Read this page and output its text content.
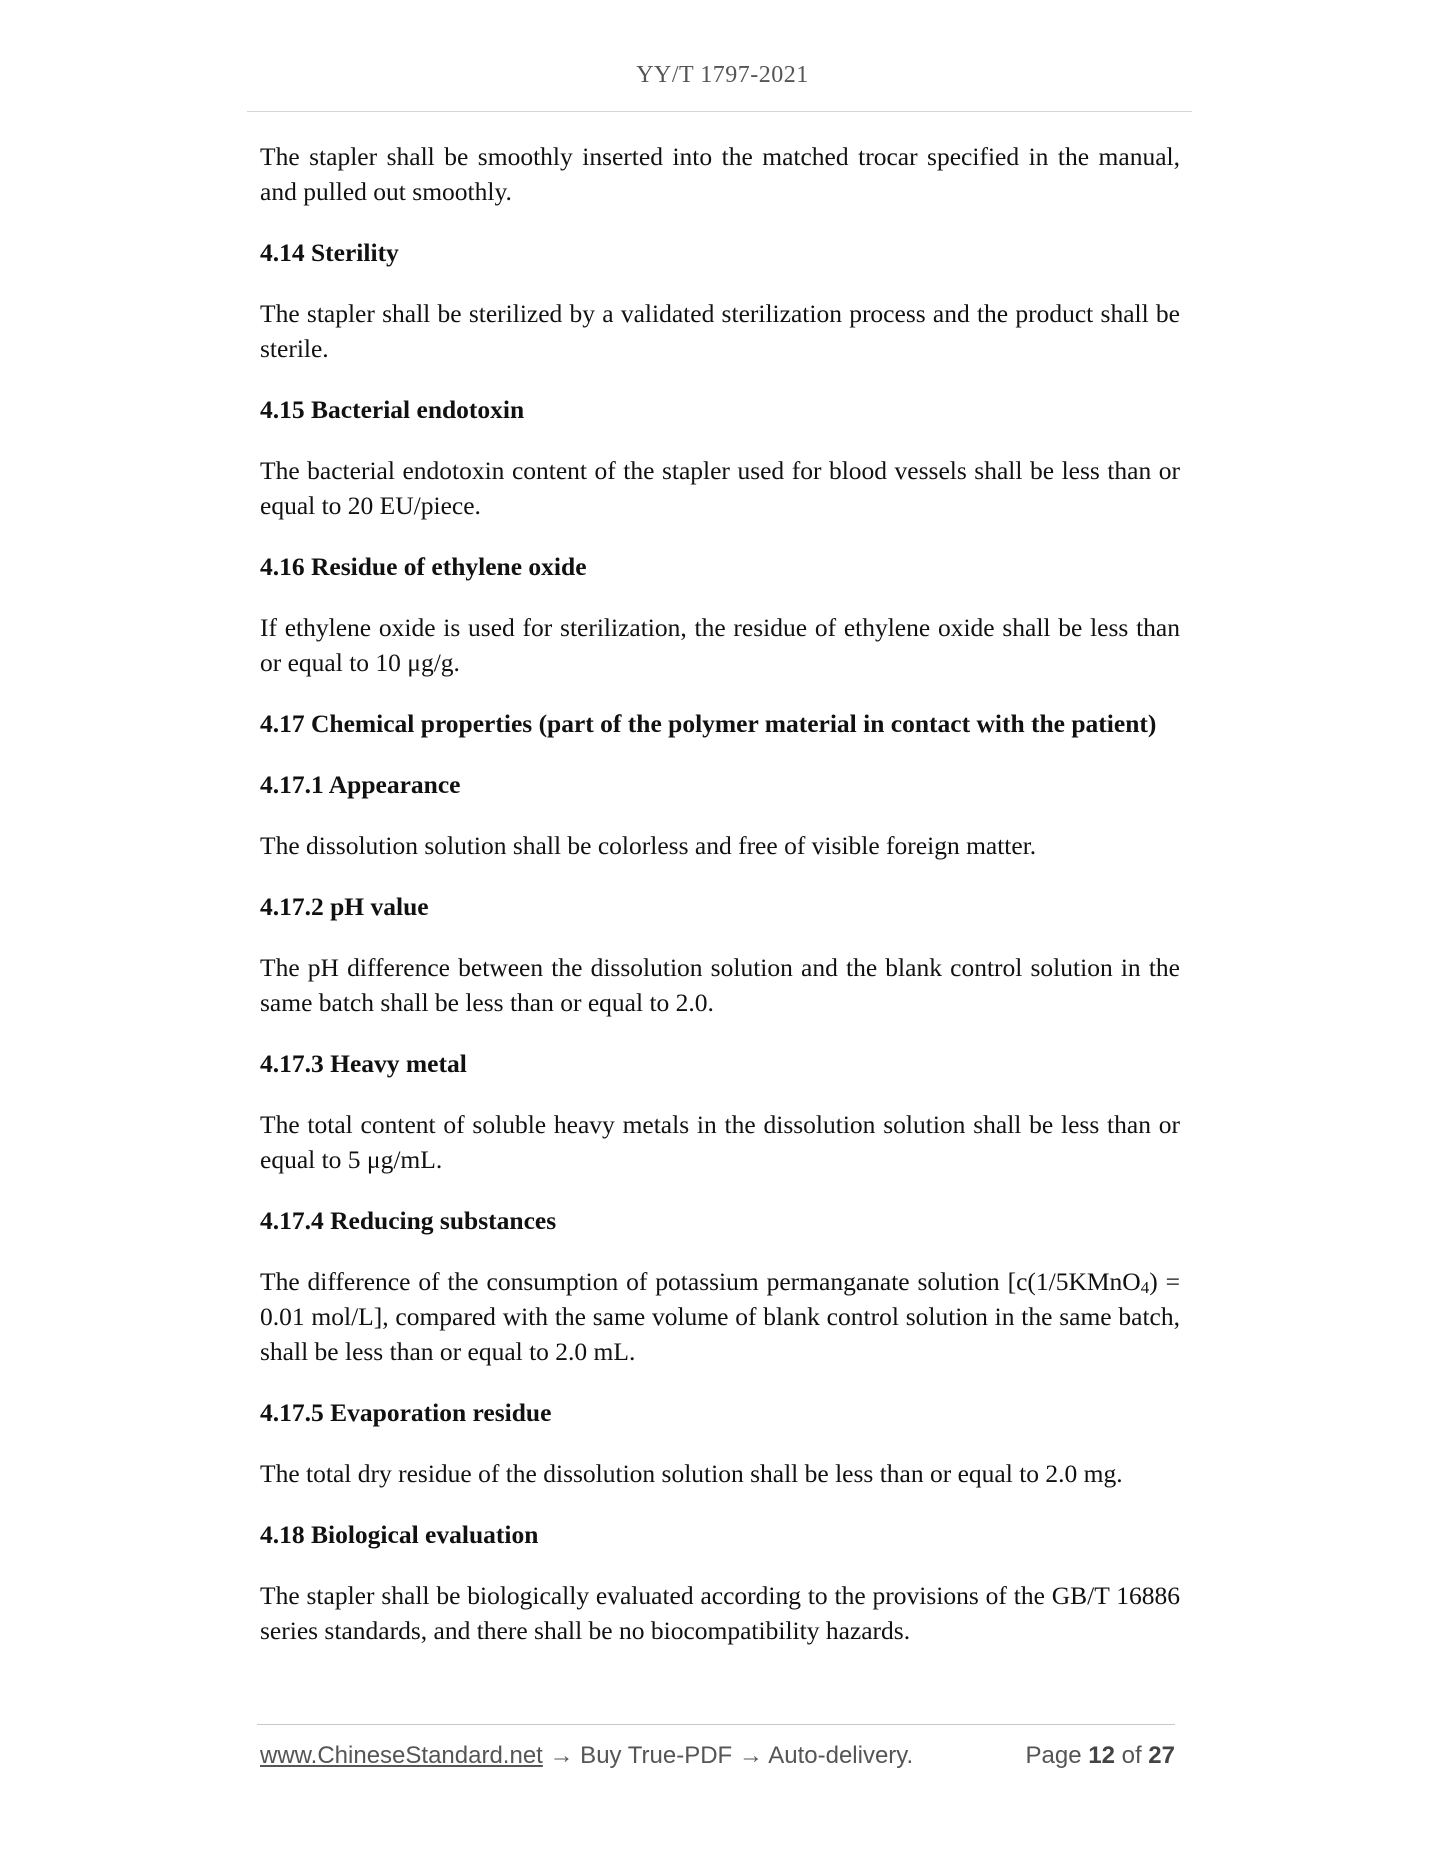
YY/T 1797-2021

The stapler shall be smoothly inserted into the matched trocar specified in the manual, and pulled out smoothly.

4.14 Sterility

The stapler shall be sterilized by a validated sterilization process and the product shall be sterile.

4.15 Bacterial endotoxin

The bacterial endotoxin content of the stapler used for blood vessels shall be less than or equal to 20 EU/piece.

4.16 Residue of ethylene oxide

If ethylene oxide is used for sterilization, the residue of ethylene oxide shall be less than or equal to 10 μg/g.

4.17 Chemical properties (part of the polymer material in contact with the patient)
4.17.1 Appearance

The dissolution solution shall be colorless and free of visible foreign matter.

4.17.2 pH value

The pH difference between the dissolution solution and the blank control solution in the same batch shall be less than or equal to 2.0.

4.17.3 Heavy metal

The total content of soluble heavy metals in the dissolution solution shall be less than or equal to 5 μg/mL.

4.17.4 Reducing substances

The difference of the consumption of potassium permanganate solution [c(1/5KMnO$_4$) = 0.01 mol/L], compared with the same volume of blank control solution in the same batch, shall be less than or equal to 2.0 mL.

4.17.5 Evaporation residue

The total dry residue of the dissolution solution shall be less than or equal to 2.0 mg.

4.18 Biological evaluation

The stapler shall be biologically evaluated according to the provisions of the GB/T 16886 series standards, and there shall be no biocompatibility hazards.

www.ChineseStandard.net → Buy True-PDF → Auto-delivery.	Page 12 of 27
